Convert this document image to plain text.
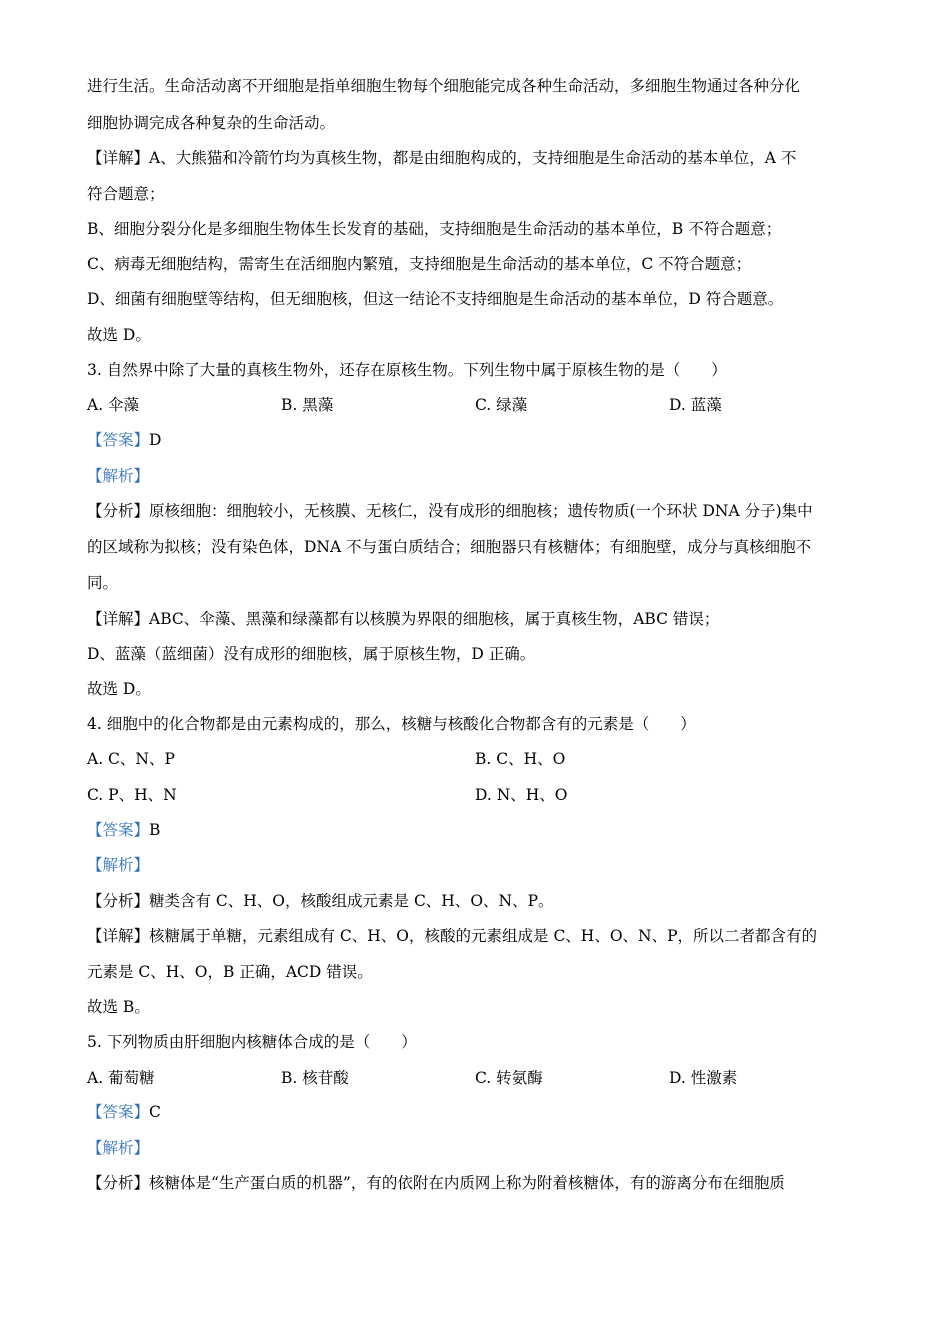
进行生活。生命活动离不开细胞是指单细胞生物每个细胞能完成各种生命活动，多细胞生物通过各种分化
细胞协调完成各种复杂的生命活动。
【详解】A、大熊猫和冷箭竹均为真核生物，都是由细胞构成的，支持细胞是生命活动的基本单位，A 不
符合题意；
B、细胞分裂分化是多细胞生物体生长发育的基础，支持细胞是生命活动的基本单位，B 不符合题意；
C、病毒无细胞结构，需寄生在活细胞内繁殖，支持细胞是生命活动的基本单位，C 不符合题意；
D、细菌有细胞壁等结构，但无细胞核，但这一结论不支持细胞是生命活动的基本单位，D 符合题意。
故选 D。
3. 自然界中除了大量的真核生物外，还存在原核生物。下列生物中属于原核生物的是（　　）
A. 伞藻	B. 黑藻	C. 绿藻	D. 蓝藻
【答案】D
【解析】
【分析】原核细胞：细胞较小，无核膜、无核仁，没有成形的细胞核；遗传物质(一个环状 DNA 分子)集中
的区域称为拟核；没有染色体，DNA 不与蛋白质结合；细胞器只有核糖体；有细胞壁，成分与真核细胞不
同。
【详解】ABC、伞藻、黑藻和绿藻都有以核膜为界限的细胞核，属于真核生物，ABC 错误；
D、蓝藻（蓝细菌）没有成形的细胞核，属于原核生物，D 正确。
故选 D。
4. 细胞中的化合物都是由元素构成的，那么，核糖与核酸化合物都含有的元素是（　　）
A. C、N、P	B. C、H、O
C. P、H、N	D. N、H、O
【答案】B
【解析】
【分析】糖类含有 C、H、O，核酸组成元素是 C、H、O、N、P。
【详解】核糖属于单糖，元素组成有 C、H、O，核酸的元素组成是 C、H、O、N、P，所以二者都含有的
元素是 C、H、O，B 正确，ACD 错误。
故选 B。
5. 下列物质由肝细胞内核糖体合成的是（　　）
A. 葡萄糖	B. 核苷酸	C. 转氨酶	D. 性激素
【答案】C
【解析】
【分析】核糖体是“生产蛋白质的机器”，有的依附在内质网上称为附着核糖体，有的游离分布在细胞质
